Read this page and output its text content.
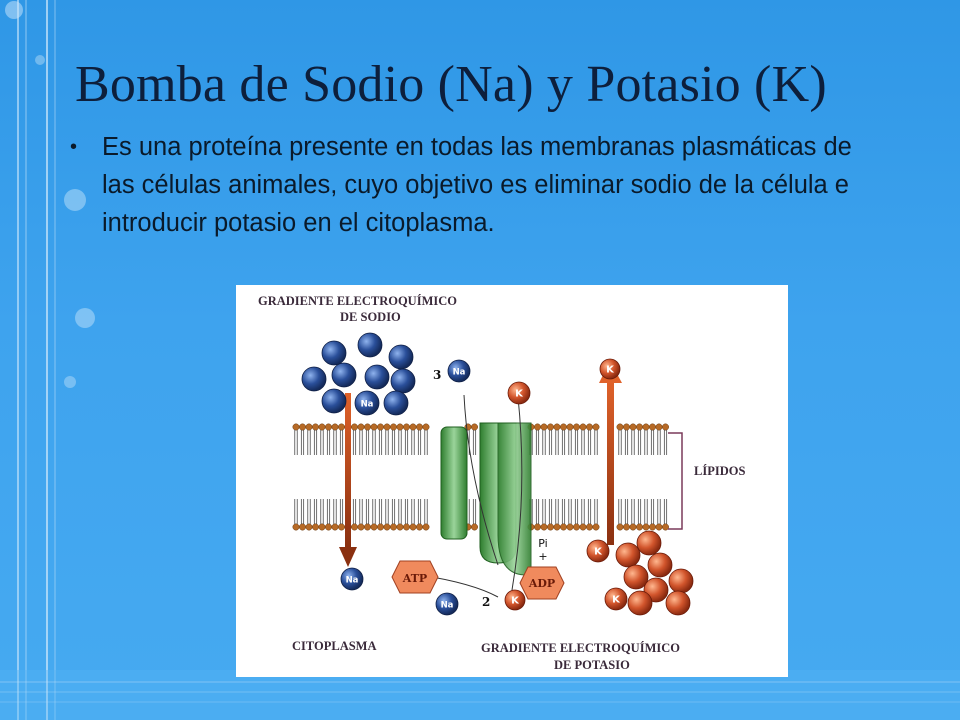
Bomba de Sodio (Na) y Potasio (K)
• Es una proteína presente en todas las membranas plasmáticas de las células animales, cuyo objetivo es eliminar sodio de la célula e introducir potasio en el citoplasma.
Na
Na
Na
Na
K
K
K
K
K
ATP	ADP
Pi
+
3
2
GRADIENTE ELECTROQUÍMICO
DE SODIO
LÍPIDOS
CITOPLASMA	GRADIENTE ELECTROQUÍMICO
DE POTASIO
